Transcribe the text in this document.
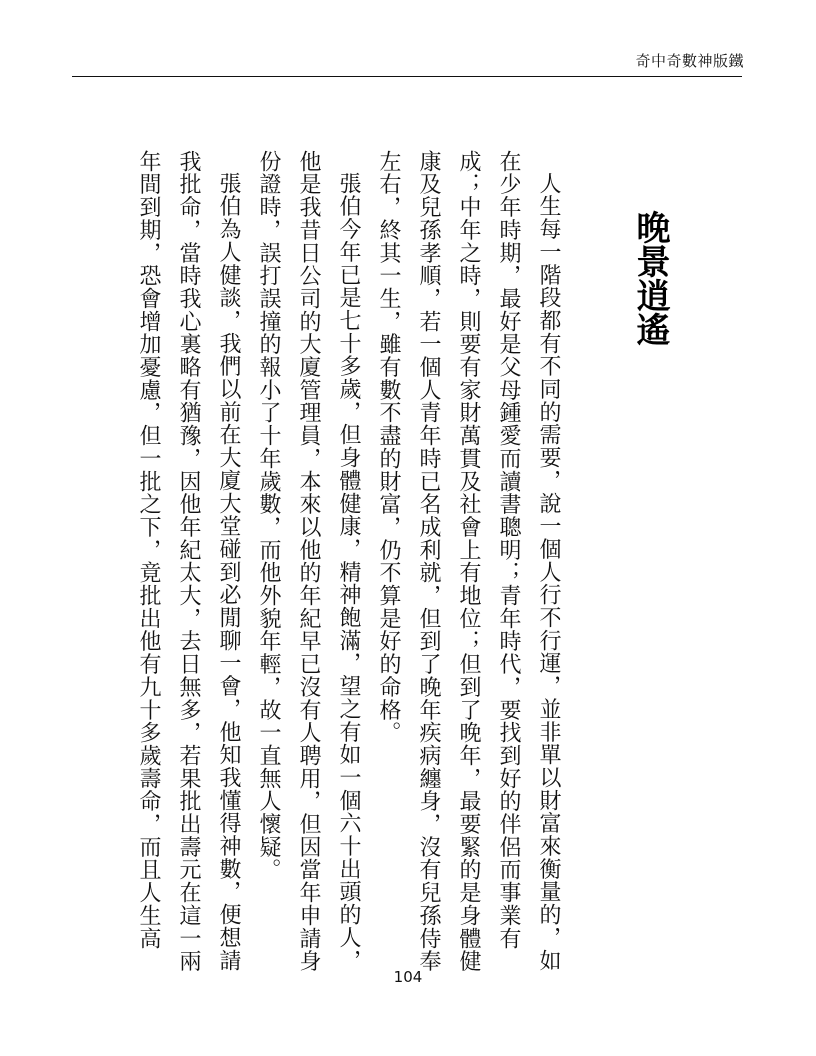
奇中奇數神版鐵
晚景逍遙

人生每一階段都有不同的需要，說一個人行不行運，並非單以財富來衡量的，如在少年時期，最好是父母鍾愛而讀書聰明；青年時代，要找到好的伴侶而事業有成；中年之時，則要有家財萬貫及社會上有地位；但到了晚年，最要緊的是身體健康及兒孫孝順，若一個人青年時已名成利就，但到了晚年疾病纏身，沒有兒孫侍奉左右，終其一生，雖有數不盡的財富，仍不算是好的命格。

張伯今年已是七十多歲，但身體健康，精神飽滿，望之有如一個六十出頭的人，他是我昔日公司的大廈管理員，本來以他的年紀早已沒有人聘用，但因當年申請身份證時，誤打誤撞的報小了十年歲數，而他外貌年輕，故一直無人懷疑。

張伯為人健談，我們以前在大廈大堂碰到必閒聊一會，他知我懂得神數，便想請我批命，當時我心裏略有猶豫，因他年紀太大，去日無多，若果批出壽元在這一兩年間到期，恐會增加憂慮，但一批之下，竟批出他有九十多歲壽命，而且人生高

104
